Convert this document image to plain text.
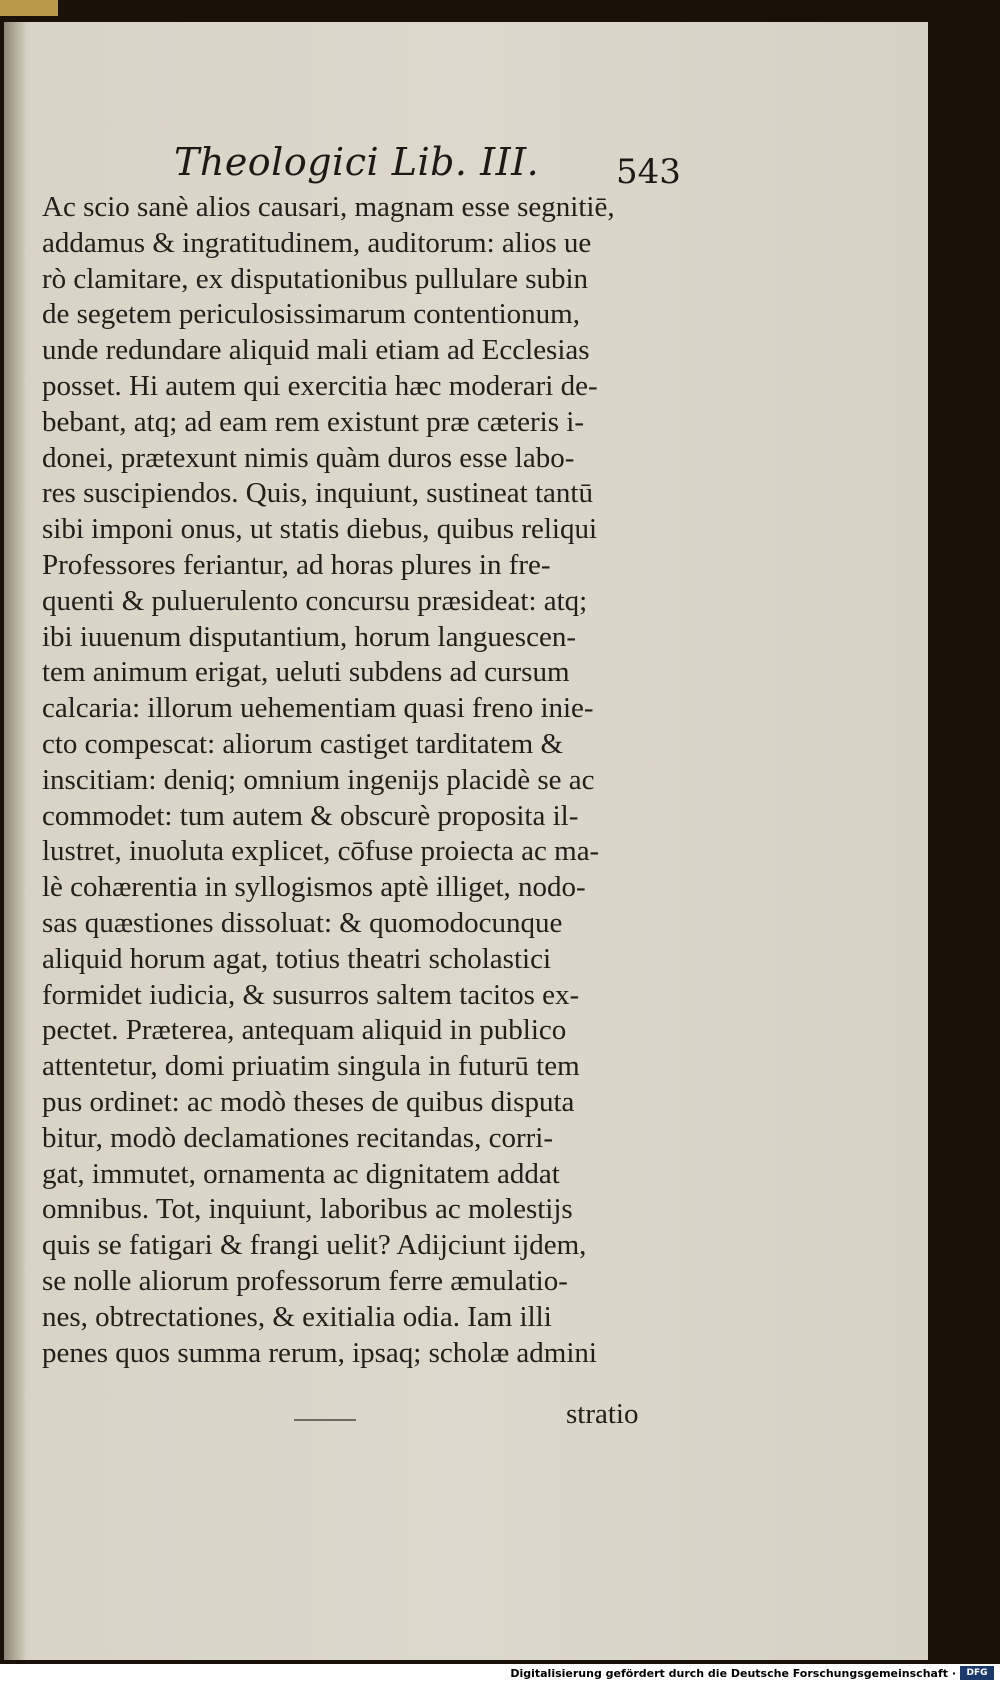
Theologici Lib. III. 543
Ac scio sanè alios causari, magnam esse segnitiē,
addamus & ingratitudinem, auditorum: alios ue
rò clamitare, ex disputationibus pullulare subin
de segetem periculosissimarum contentionum,
unde redundare aliquid mali etiam ad Ecclesias
posset. Hi autem qui exercitia hæc moderari de-
bebant, atq; ad eam rem existunt præ cæteris i-
donei, prætexunt nimis quàm duros esse labo-
res suscipiendos. Quis, inquiunt, sustineat tantū
sibi imponi onus, ut statis diebus, quibus reliqui
Professores feriantur, ad horas plures in fre-
quenti & puluerulento concursu præsideat: atq;
ibi iuuenum disputantium, horum languescen-
tem animum erigat, ueluti subdens ad cursum
calcaria: illorum uehementiam quasi freno inie-
cto compescat: aliorum castiget tarditatem &
inscitiam: deniq; omnium ingenijs placidè se ac
commodet: tum autem & obscurè proposita il-
lustret, inuoluta explicet, cōfuse proiecta ac ma-
lè cohærentia in syllogismos aptè illiget, nodo-
sas quæstiones dissoluat: & quomodocunque
aliquid horum agat, totius theatri scholastici
formidet iudicia, & susurros saltem tacitos ex-
pectet. Præterea, antequam aliquid in publico
attentetur, domi priuatim singula in futurū tem
pus ordinet: ac modò theses de quibus disputa
bitur, modò declamationes recitandas, corri-
gat, immutet, ornamenta ac dignitatem addat
omnibus. Tot, inquiunt, laboribus ac molestijs
quis se fatigari & frangi uelit? Adijciunt ijdem,
se nolle aliorum professorum ferre æmulatio-
nes, obtrectationes, & exitialia odia. Iam illi
penes quos summa rerum, ipsaq; scholæ admini
stratio
Digitalisierung gefördert durch die Deutsche Forschungsgemeinschaft ·	DFG
